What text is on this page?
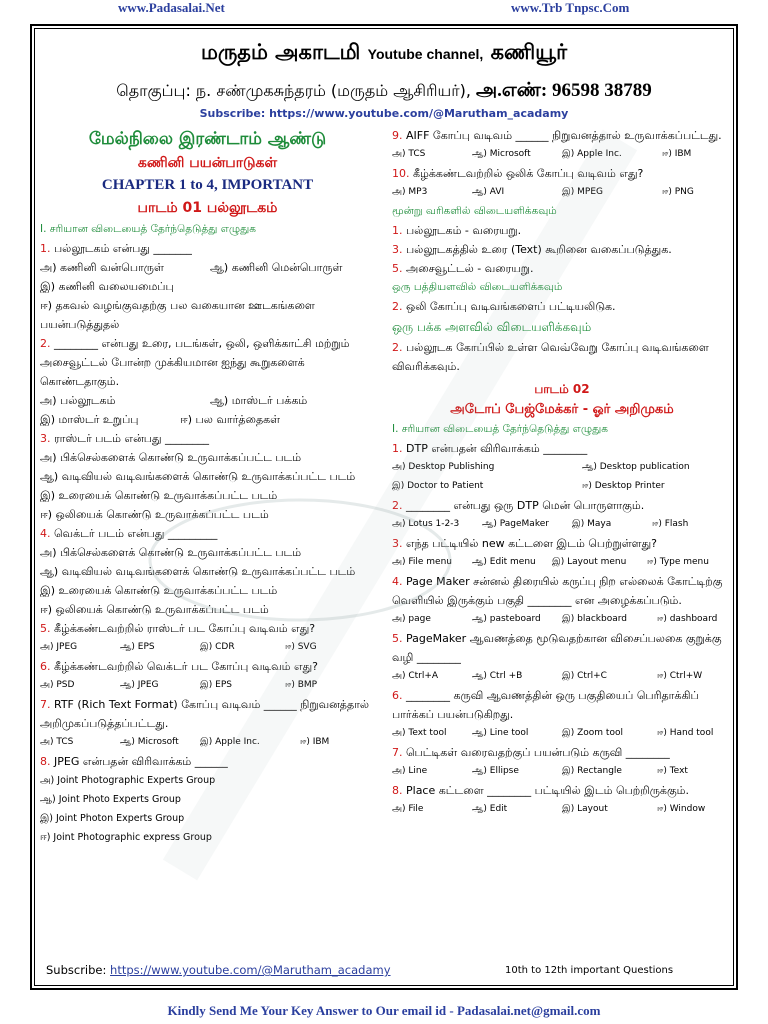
www.Padasalai.Net	www.Trb Tnpsc.Com
மருதம் அகாடமி Youtube channel, கணியூர்
தொகுப்பு: ந. சண்முகசுந்தரம் (மருதம் ஆசிரியர்), அ.எண்: 96598 38789
Subscribe: https://www.youtube.com/@Marutham_acadamy

மேல்நிலை இரண்டாம் ஆண்டு

கணினி பயன்பாடுகள்

CHAPTER 1 to 4, IMPORTANT

பாடம் 01 பல்லூடகம்

I. சரியான விடையைத் தேர்ந்தெடுத்து எழுதுக

1. பல்லூடகம் என்பது _______

அ) கணினி வன்பொருள்	ஆ) கணினி மென்பொருள்

இ) கணினி வலையமைப்பு

ஈ) தகவல் வழங்குவதற்கு பல வகையான ஊடகங்களை பயன்படுத்துதல்

2. ________ என்பது உரை, படங்கள், ஒலி, ஒளிக்காட்சி மற்றும் அசைவூட்டல் போன்ற முக்கியமான ஐந்து கூறுகளைக் கொண்டதாகும்.

அ) பல்லூடகம்	ஆ) மாஸ்டர் பக்கம்

இ) மாஸ்டர் உறுப்பு	ஈ) பல வார்த்தைகள்

3. ராஸ்டர் படம் என்பது ________

அ) பிக்செல்களைக் கொண்டு உருவாக்கப்பட்ட படம்

ஆ) வடிவியல் வடிவங்களைக் கொண்டு உருவாக்கப்பட்ட படம்

இ) உரையைக் கொண்டு உருவாக்கப்பட்ட படம்

ஈ) ஒலியைக் கொண்டு உருவாக்கப்பட்ட படம்

4. வெக்டர் படம் என்பது _________

அ) பிக்செல்களைக் கொண்டு உருவாக்கப்பட்ட படம்

ஆ) வடிவியல் வடிவங்களைக் கொண்டு உருவாக்கப்பட்ட படம்

இ) உரையைக் கொண்டு உருவாக்கப்பட்ட படம்

ஈ) ஒலியைக் கொண்டு உருவாக்கப்பட்ட படம்

5. கீழ்க்கண்டவற்றில் ராஸ்டர் பட கோப்பு வடிவம் எது?

அ) JPEG	ஆ) EPS	இ) CDR	ஈ) SVG

6. கீழ்க்கண்டவற்றில் வெக்டர் பட கோப்பு வடிவம் எது?

அ) PSD	ஆ) JPEG	இ) EPS	ஈ) BMP

7. RTF (Rich Text Format) கோப்பு வடிவம் ______ நிறுவனத்தால் அறிமுகப்படுத்தப்பட்டது.

அ) TCS	ஆ) Microsoft	இ) Apple Inc.	ஈ) IBM

8. JPEG என்பதன் விரிவாக்கம் ______

அ) Joint Photographic Experts Group

ஆ) Joint Photo Experts Group

இ) Joint Photon Experts Group

ஈ) Joint Photographic express Group

9. AIFF கோப்பு வடிவம் ______ நிறுவனத்தால் உருவாக்கப்பட்டது.

அ) TCS	ஆ) Microsoft	இ) Apple Inc.	ஈ) IBM

10. கீழ்க்கண்டவற்றில் ஒலிக் கோப்பு வடிவம் எது?

அ) MP3	ஆ) AVI	இ) MPEG	ஈ) PNG

மூன்று வரிகளில் விடையளிக்கவும்

1. பல்லூடகம் - வரையறு.

3. பல்லூடகத்தில் உரை (Text) கூறினை வகைப்படுத்துக.

5. அசைவூட்டல் - வரையறு.

ஒரு பத்தியளவில் விடையளிக்கவும்

2. ஒலி கோப்பு வடிவங்களைப் பட்டியலிடுக.

ஒரு பக்க அளவில் விடையளிக்கவும்

2. பல்லூடக கோப்பில் உள்ள வெவ்வேறு கோப்பு வடிவங்களை விவரிக்கவும்.

பாடம் 02

அடோப் பேஜ்மேக்கர் - ஓர் அறிமுகம்

I. சரியான விடையைத் தேர்ந்தெடுத்து எழுதுக

1. DTP என்பதன் விரிவாக்கம் ________

அ) Desktop Publishing	ஆ) Desktop publication

இ) Doctor to Patient	ஈ) Desktop Printer

2. ________ என்பது ஒரு DTP மென் பொருளாகும்.

அ) Lotus 1-2-3	ஆ) PageMaker	இ) Maya	ஈ) Flash

3. எந்த பட்டியில் new கட்டளை இடம் பெற்றுள்ளது?

அ) File menu	ஆ) Edit menu	இ) Layout menu	ஈ) Type menu

4. Page Maker சன்னல் திரையில் கருப்பு நிற எல்லைக் கோட்டிற்கு வெளியில் இருக்கும் பகுதி ________ என அழைக்கப்படும்.

அ) page	ஆ) pasteboard	இ) blackboard	ஈ) dashboard

5. PageMaker ஆவணத்தை மூடுவதற்கான விசைப்பலகை குறுக்கு வழி ________

அ) Ctrl+A	ஆ) Ctrl +B	இ) Ctrl+C	ஈ) Ctrl+W

6. ________ கருவி ஆவணத்தின் ஒரு பகுதியைப் பெரிதாக்கிப் பார்க்கப் பயன்படுகிறது.

அ) Text tool	ஆ) Line tool	இ) Zoom tool	ஈ) Hand tool

7. பெட்டிகள் வரைவதற்குப் பயன்படும் கருவி ________

அ) Line	ஆ) Ellipse	இ) Rectangle	ஈ) Text

8. Place கட்டளை ________ பட்டியில் இடம் பெற்றிருக்கும்.

அ) File	ஆ) Edit	இ) Layout	ஈ) Window

Subscribe: https://www.youtube.com/@Marutham_acadamy	10th to 12th important Questions
Kindly Send Me Your Key Answer to Our email id - Padasalai.net@gmail.com
